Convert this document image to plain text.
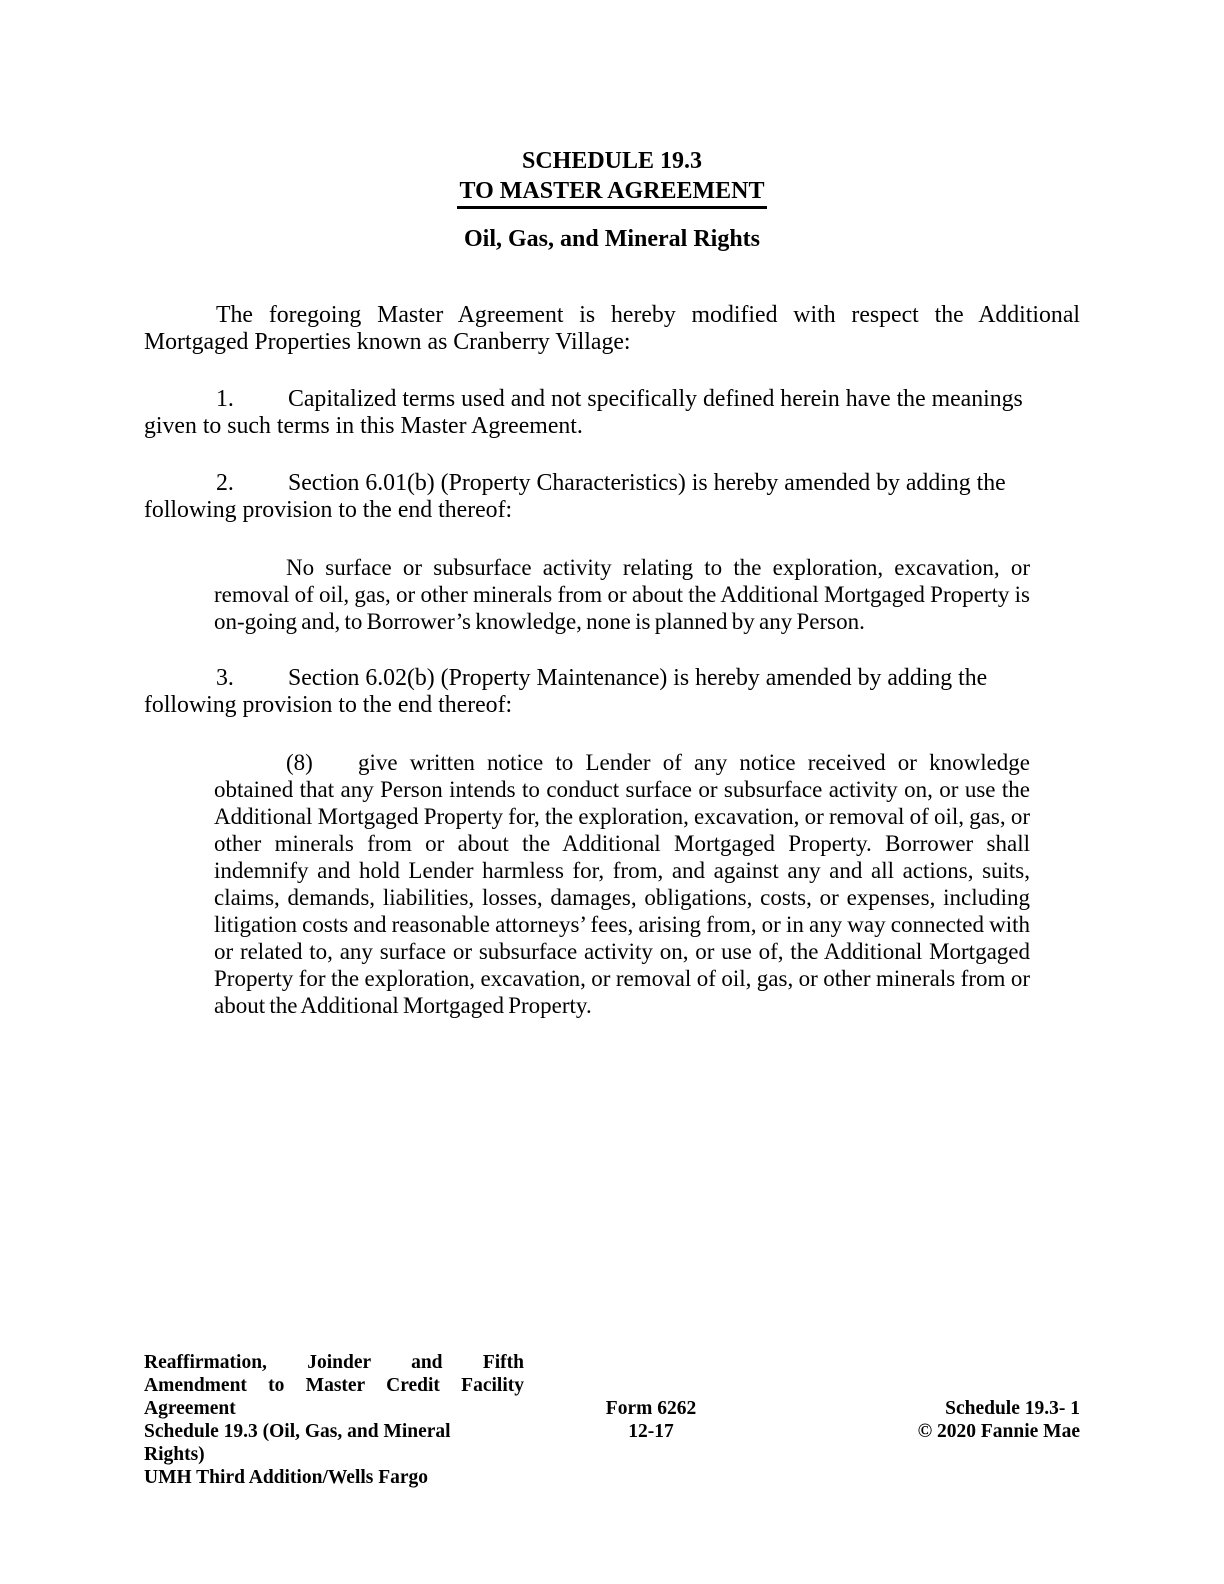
SCHEDULE 19.3
TO MASTER AGREEMENT
Oil, Gas, and Mineral Rights

The foregoing Master Agreement is hereby modified with respect the Additional Mortgaged Properties known as Cranberry Village:

1. Capitalized terms used and not specifically defined herein have the meanings given to such terms in this Master Agreement.

2. Section 6.01(b) (Property Characteristics) is hereby amended by adding the following provision to the end thereof:

No surface or subsurface activity relating to the exploration, excavation, or removal of oil, gas, or other minerals from or about the Additional Mortgaged Property is on-going and, to Borrower’s knowledge, none is planned by any Person.

3. Section 6.02(b) (Property Maintenance) is hereby amended by adding the following provision to the end thereof:

(8) give written notice to Lender of any notice received or knowledge obtained that any Person intends to conduct surface or subsurface activity on, or use the Additional Mortgaged Property for, the exploration, excavation, or removal of oil, gas, or other minerals from or about the Additional Mortgaged Property. Borrower shall indemnify and hold Lender harmless for, from, and against any and all actions, suits, claims, demands, liabilities, losses, damages, obligations, costs, or expenses, including litigation costs and reasonable attorneys’ fees, arising from, or in any way connected with or related to, any surface or subsurface activity on, or use of, the Additional Mortgaged Property for the exploration, excavation, or removal of oil, gas, or other minerals from or about the Additional Mortgaged Property.

Reaffirmation, Joinder and Fifth
Amendment to Master Credit Facility
Agreement
Schedule 19.3 (Oil, Gas, and Mineral
Rights)
UMH Third Addition/Wells Fargo
Form 6262
12-17
Schedule 19.3- 1
© 2020 Fannie Mae
